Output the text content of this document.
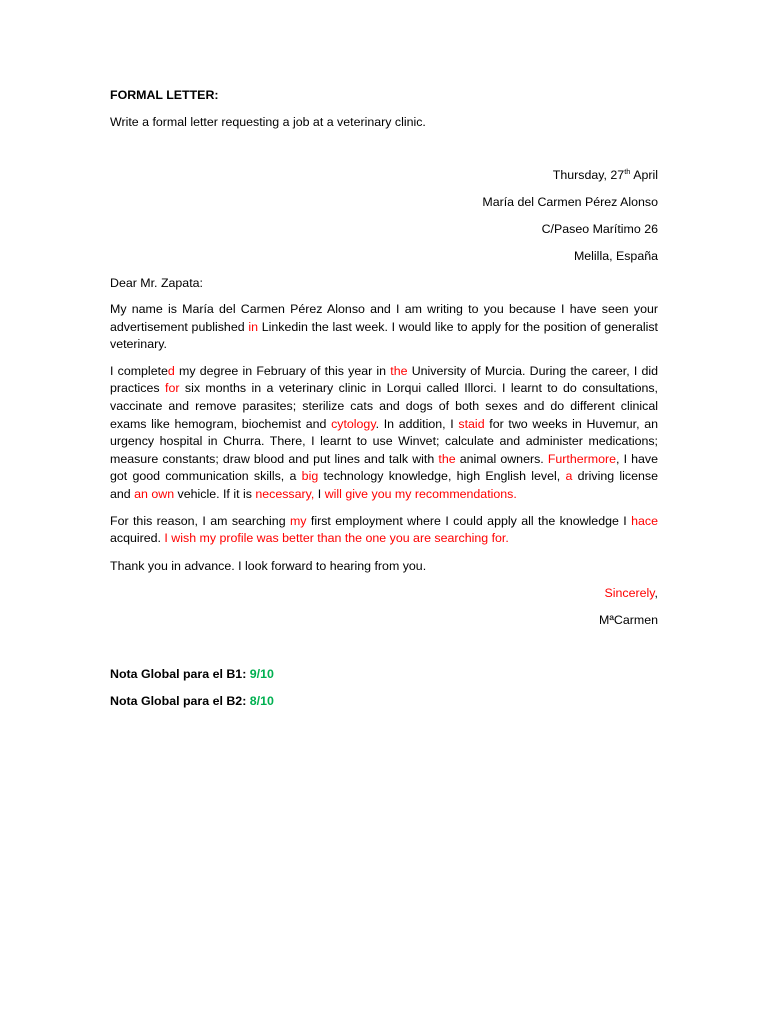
FORMAL LETTER:
Write a formal letter requesting a job at a veterinary clinic.
Thursday, 27th April
María del Carmen Pérez Alonso
C/Paseo Marítimo 26
Melilla, España
Dear Mr. Zapata:

My name is María del Carmen Pérez Alonso and I am writing to you because I have seen your advertisement published in Linkedin the last week. I would like to apply for the position of generalist veterinary.

I completed my degree in February of this year in the University of Murcia. During the career, I did practices for six months in a veterinary clinic in Lorqui called Illorci. I learnt to do consultations, vaccinate and remove parasites; sterilize cats and dogs of both sexes and do different clinical exams like hemogram, biochemist and cytology. In addition, I staid for two weeks in Huvemur, an urgency hospital in Churra. There, I learnt to use Winvet; calculate and administer medications; measure constants; draw blood and put lines and talk with the animal owners. Furthermore, I have got good communication skills, a big technology knowledge, high English level, a driving license and an own vehicle. If it is necessary, I will give you my recommendations.

For this reason, I am searching my first employment where I could apply all the knowledge I hace acquired. I wish my profile was better than the one you are searching for.

Thank you in advance. I look forward to hearing from you.
Sincerely,
MªCarmen
Nota Global para el B1: 9/10
Nota Global para el B2: 8/10
